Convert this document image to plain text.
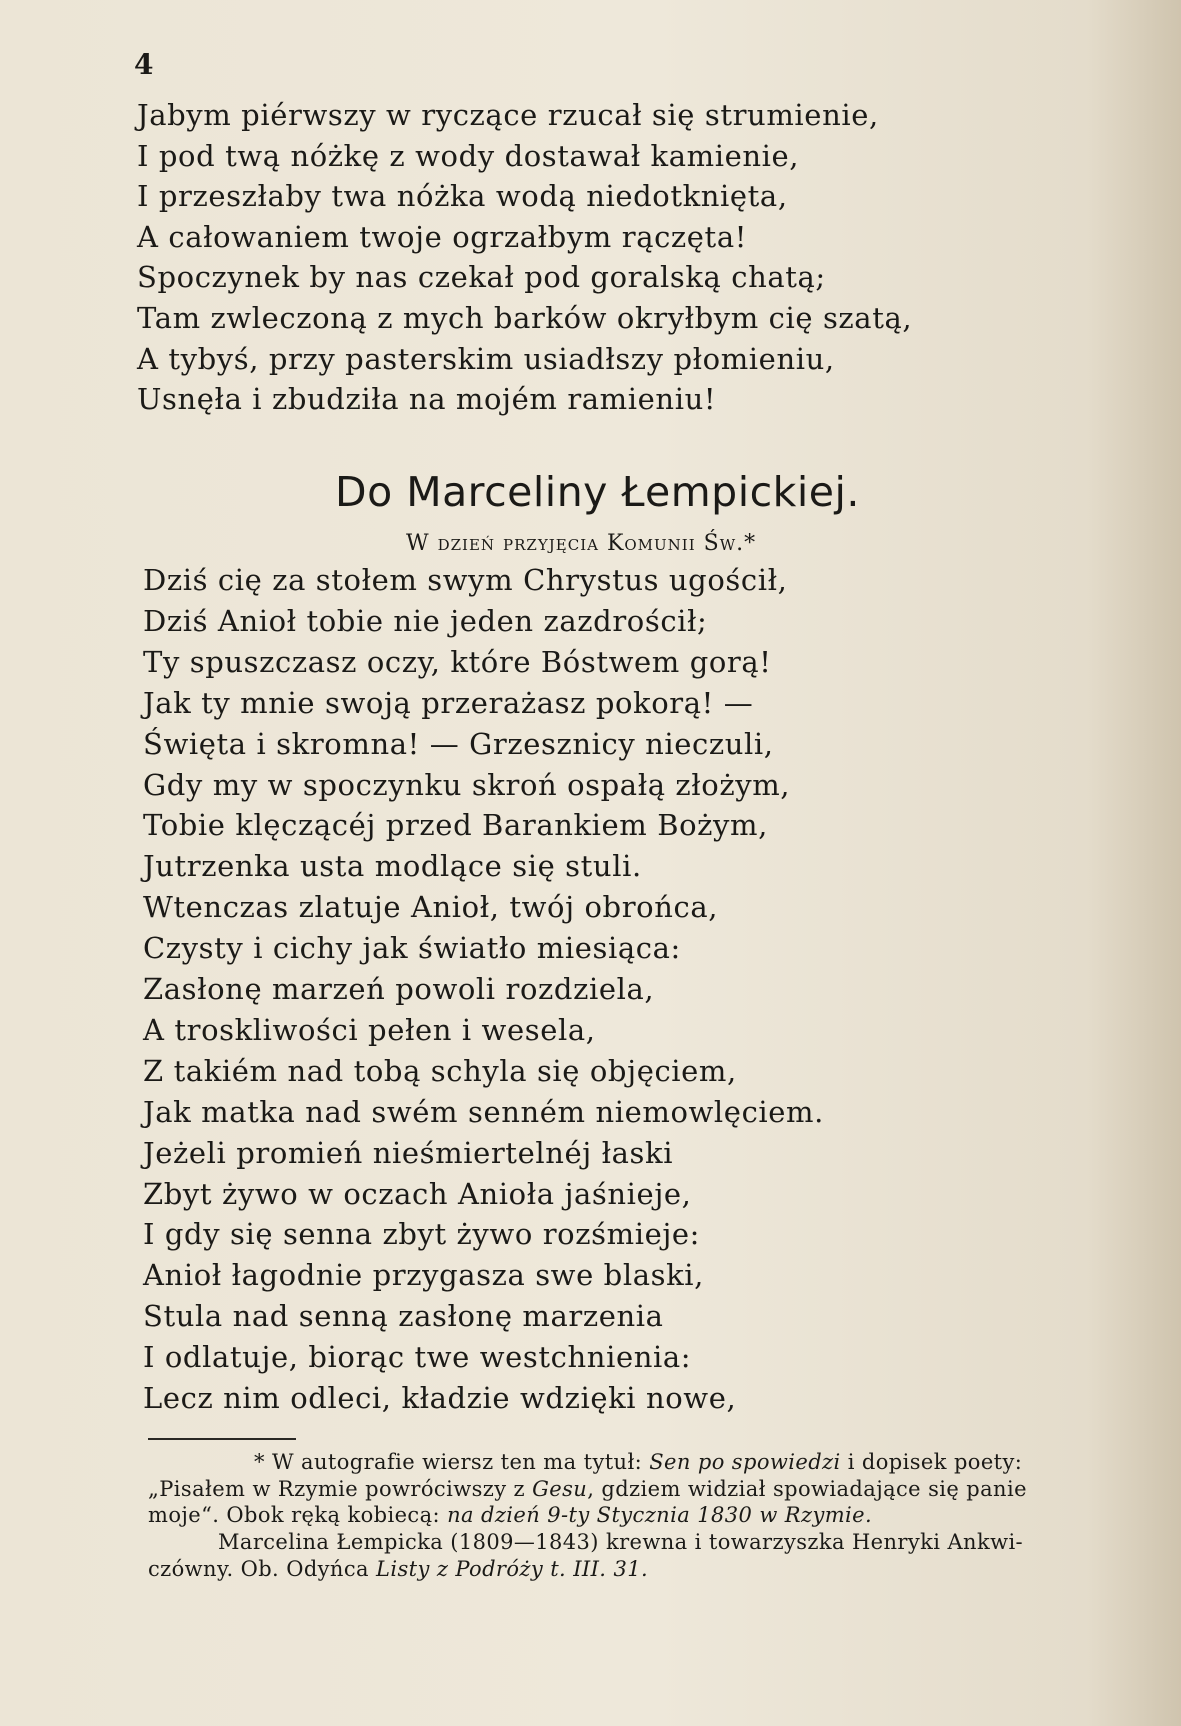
4
Jabym piérwszy w ryczące rzucał się strumienie,
I pod twą nóżkę z wody dostawał kamienie,
I przeszłaby twa nóżka wodą niedotknięta,
A całowaniem twoje ogrzałbym rączęta!
Spoczynek by nas czekał pod goralską chatą;
Tam zwleczoną z mych barków okryłbym cię szatą,
A tybyś, przy pasterskim usiadłszy płomieniu,
Usnęła i zbudziła na mojém ramieniu!
Do Marceliny Łempickiej.
W dzień przyjęcia Komunii Św.*
Dziś cię za stołem swym Chrystus ugościł,
Dziś Anioł tobie nie jeden zazdrościł;
Ty spuszczasz oczy, które Bóstwem gorą!
Jak ty mnie swoją przerażasz pokorą! —
Święta i skromna! — Grzesznicy nieczuli,
Gdy my w spoczynku skroń ospałą złożym,
Tobie klęczącéj przed Barankiem Bożym,
Jutrzenka usta modlące się stuli.
Wtenczas zlatuje Anioł, twój obrońca,
Czysty i cichy jak światło miesiąca:
Zasłonę marzeń powoli rozdziela,
A troskliwości pełen i wesela,
Z takiém nad tobą schyla się objęciem,
Jak matka nad swém senném niemowlęciem.
Jeżeli promień nieśmiertelnéj łaski
Zbyt żywo w oczach Anioła jaśnieje,
I gdy się senna zbyt żywo rozśmieje:
Anioł łagodnie przygasza swe blaski,
Stula nad senną zasłonę marzenia
I odlatuje, biorąc twe westchnienia:
Lecz nim odleci, kładzie wdzięki nowe,
* W autografie wiersz ten ma tytuł: Sen po spowiedzi i dopisek poety:
„Pisałem w Rzymie powróciwszy z Gesu, gdziem widział spowiadające się panie
moje“. Obok ręką kobiecą: na dzień 9-ty Stycznia 1830 w Rzymie.
Marcelina Łempicka (1809—1843) krewna i towarzyszka Henryki Ankwi-
czówny. Ob. Odyńca Listy z Podróży t. III. 31.
